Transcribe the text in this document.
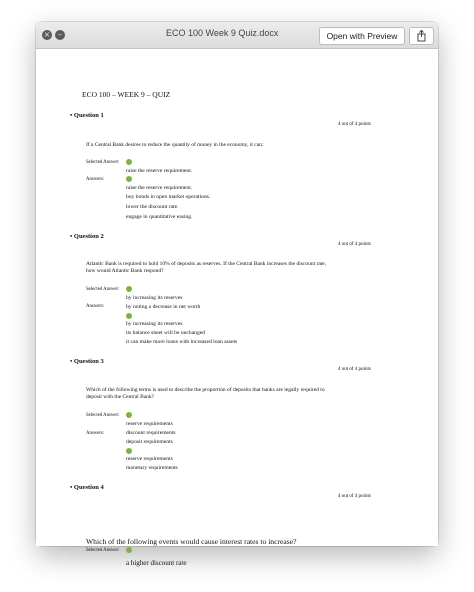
× –	ECO 100 Week 9 Quiz.docx	Open with Preview
ECO 100 – WEEK 9 – QUIZ
• Question 1
4 out of 4 points
If a Central Bank desires to reduce the quantity of money in the economy, it can:
Selected Answer:
raise the reserve requirement.
Answers:
raise the reserve requirement.
buy bonds in open market operations.
lower the discount rate.
engage in quantitative easing.
• Question 2
4 out of 4 points
Atlantic Bank is required to hold 10% of deposits as reserves. If the Central Bank increases the discount rate,
how would Atlantic Bank respond?
Selected Answer:
by increasing its reserves
Answers:	by noting a decrease in net worth
by increasing its reserves
its balance sheet will be unchanged
it can make more loans with increased loan assets
• Question 3
4 out of 4 points
Which of the following terms is used to describe the proportion of deposits that banks are legally required to
deposit with the Central Bank?
Selected Answer:
reserve requirements
Answers:	discount requirements
deposit requirements
reserve requirements
monetary requirements
• Question 4
4 out of 4 points
Which of the following events would cause interest rates to increase?
Selected Answer:
a higher discount rate
